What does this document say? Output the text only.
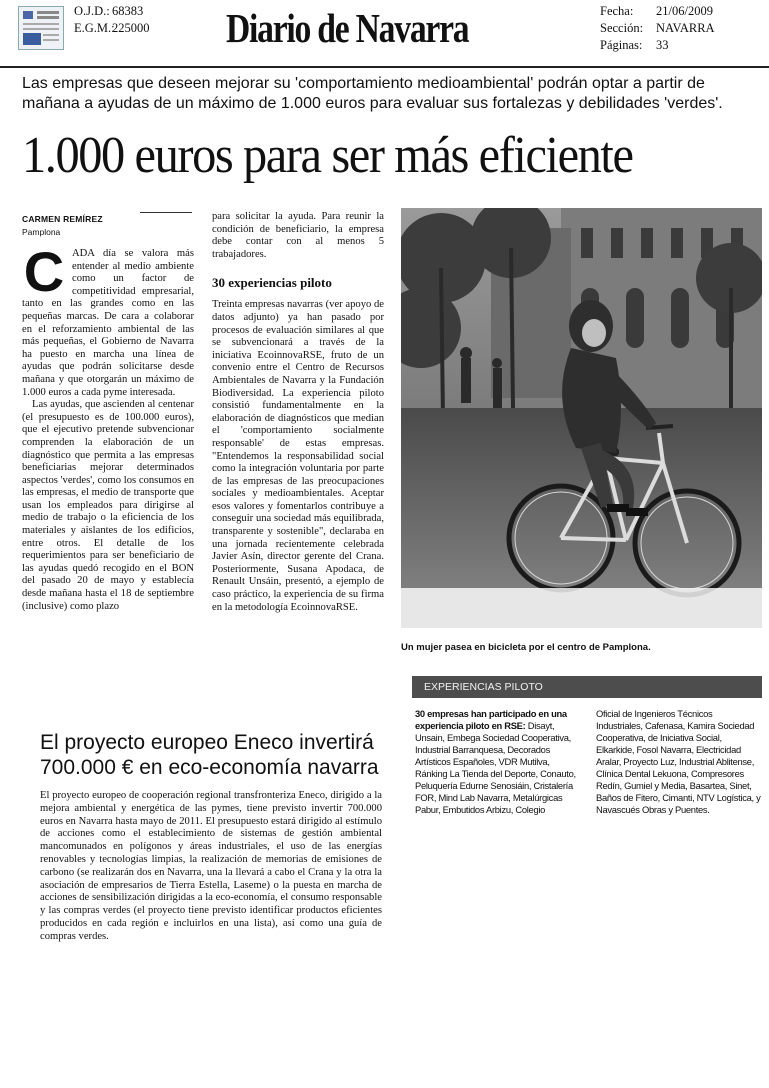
O.J.D.: 68383
E.G.M.:
225000 Diario de Navarra	Fecha:	21/06/2009
Sección:	NAVARRA
Páginas:	33
Las empresas que deseen mejorar su 'comportamiento medioambiental' podrán optar a partir de mañana a ayudas de un máximo de 1.000 euros para evaluar sus fortalezas y debilidades 'verdes'.
1.000 euros para ser más eficiente
CARMEN REMÍREZ
Pamplona
C ADA día se valora más entender al medio ambiente como un factor de competitividad empresarial, tanto en las grandes como en las pequeñas marcas. De cara a colaborar en el reforzamiento ambiental de las más pequeñas, el Gobierno de Navarra ha puesto en marcha una línea de ayudas que podrán solicitarse desde mañana y que otorgarán un máximo de 1.000 euros a cada pyme interesada.

Las ayudas, que ascienden al centenar (el presupuesto es de 100.000 euros), que el ejecutivo pretende subvencionar comprenden la elaboración de un diagnóstico que permita a las empresas beneficiarias mejorar determinados aspectos 'verdes', como los consumos en las empresas, el medio de transporte que usan los empleados para dirigirse al medio de trabajo o la eficiencia de los materiales y aislantes de los edificios, entre otros. El detalle de los requerimientos para ser beneficiario de las ayudas quedó recogido en el BON del pasado 20 de mayo y establecía desde mañana hasta el 18 de septiembre (inclusive) como plazo

para solicitar la ayuda. Para reunir la condición de beneficiario, la empresa debe contar con al menos 5 trabajadores.

30 experiencias piloto

Treinta empresas navarras (ver apoyo de datos adjunto) ya han pasado por procesos de evaluación similares al que se subvencionará a través de la iniciativa EcoinnovaRSE, fruto de un convenio entre el Centro de Recursos Ambientales de Navarra y la Fundación Biodiversidad. La experiencia piloto consistió fundamentalmente en la elaboración de diagnósticos que median el 'comportamiento socialmente responsable' de estas empresas. "Entendemos la responsabilidad social como la integración voluntaria por parte de las empresas de las preocupaciones sociales y medioambientales. Aceptar esos valores y fomentarlos contribuye a conseguir una sociedad más equilibrada, transparente y sostenible", declaraba en una jornada recientemente celebrada Javier Asín, director gerente del Crana. Posteriormente, Susana Apodaca, de Renault Unsáin, presentó, a ejemplo de caso práctico, la experiencia de su firma en la metodología EcoinnovaRSE.

Un mujer pasea en bicicleta por el centro de Pamplona.
EXPERIENCIAS PILOTO
30 empresas han participado en una experiencia piloto en RSE: Disayt, Unsain, Embega Sociedad Cooperativa, Industrial Barranquesa, Decorados Artísticos Españoles, VDR Mutilva, Ránking La Tienda del Deporte, Conauto, Peluquería Edurne Senosiáin, Cristalería FOR, Mind Lab Navarra, Metalúrgicas Pabur, Embutidos Arbizu, Colegio
Oficial de Ingenieros Técnicos Industriales, Cafenasa, Kamira Sociedad Cooperativa, de Iniciativa Social, Elkarkide, Fosol Navarra, Electricidad Aralar, Proyecto Luz, Industrial Ablitense, Clínica Dental Lekuona, Compresores Redín, Gumiel y Media, Basartea, Sinet, Baños de Fitero, Cimanti, NTV Logística, y Navascués Obras y Puentes.
El proyecto europeo Eneco invertirá 700.000 € en eco-economía navarra

El proyecto europeo de cooperación regional transfronteriza Eneco, dirigido a la mejora ambiental y energética de las pymes, tiene previsto invertir 700.000 euros en Navarra hasta mayo de 2011. El presupuesto estará dirigido al estímulo de acciones como el establecimiento de sistemas de gestión ambiental mancomunados en polígonos y áreas industriales, el uso de las energías renovables y tecnologías limpias, la realización de memorias de emisiones de carbono (se realizarán dos en Navarra, una la llevará a cabo el Crana y la otra la asociación de empresarios de Tierra Estella, Laseme) o la puesta en marcha de acciones de sensibilización dirigidas a la eco-economía, el consumo responsable y las compras verdes (el proyecto tiene previsto identificar productos eficientes producidos en cada región e incluirlos en una lista), así como una guía de compras verdes.
